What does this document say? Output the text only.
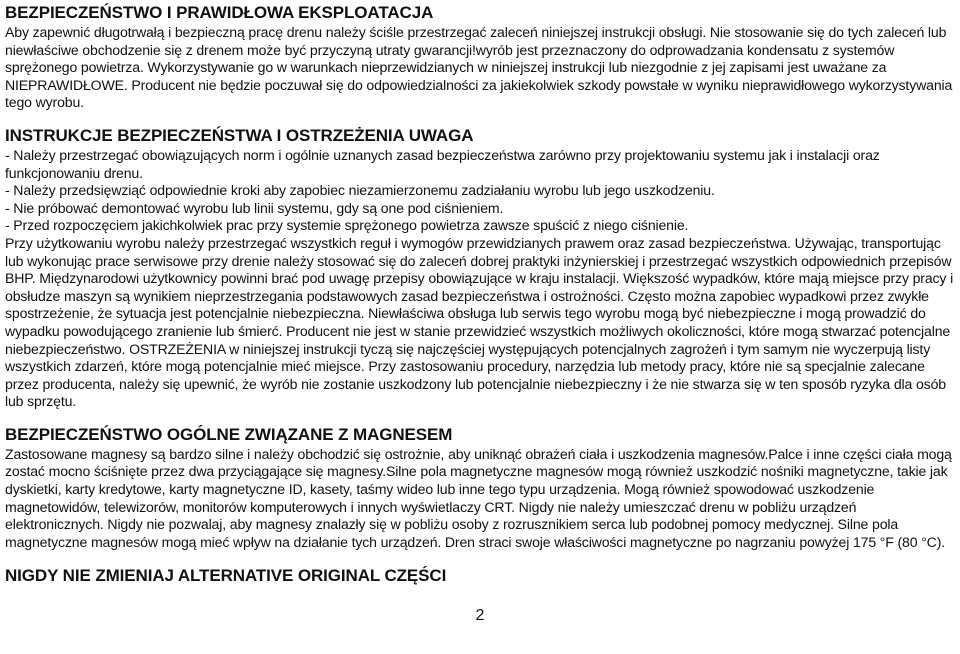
BEZPIECZEŃSTWO I PRAWIDŁOWA EKSPLOATACJA

Aby zapewnić długotrwałą i bezpieczną pracę drenu należy ściśle przestrzegać zaleceń niniejszej instrukcji obsługi. Nie stosowanie się do tych zaleceń lub niewłaściwe obchodzenie się z drenem może być przyczyną utraty gwarancji!wyrób jest przeznaczony do odprowadzania kondensatu z systemów sprężonego powietrza. Wykorzystywanie go w warunkach nieprzewidzianych w niniejszej instrukcji lub niezgodnie z jej zapisami jest uważane za NIEPRAWIDŁOWE. Producent nie będzie poczuwał się do odpowiedzialności za jakiekolwiek szkody powstałe w wyniku nieprawidłowego wykorzystywania tego wyrobu.

INSTRUKCJE BEZPIECZEŃSTWA I OSTRZEŻENIA UWAGA

- Należy przestrzegać obowiązujących norm i ogólnie uznanych zasad bezpieczeństwa zarówno przy projektowaniu systemu jak i instalacji oraz funkcjonowaniu drenu.

- Należy przedsięwziąć odpowiednie kroki aby zapobiec niezamierzonemu zadziałaniu wyrobu lub jego uszkodzeniu.

- Nie próbować demontować wyrobu lub linii systemu, gdy są one pod ciśnieniem.

- Przed rozpoczęciem jakichkolwiek prac przy systemie sprężonego powietrza zawsze spuścić z niego ciśnienie.

Przy użytkowaniu wyrobu należy przestrzegać wszystkich reguł i wymogów przewidzianych prawem oraz zasad bezpieczeństwa. Używając, transportując lub wykonując prace serwisowe przy drenie należy stosować się do zaleceń dobrej praktyki inżynierskiej i przestrzegać wszystkich odpowiednich przepisów BHP. Międzynarodowi użytkownicy powinni brać pod uwagę przepisy obowiązujące w kraju instalacji. Większość wypadków, które mają miejsce przy pracy i obsłudze maszyn są wynikiem nieprzestrzegania podstawowych zasad bezpieczeństwa i ostrożności. Często można zapobiec wypadkowi przez zwykłe spostrzeżenie, że sytuacja jest potencjalnie niebezpieczna. Niewłaściwa obsługa lub serwis tego wyrobu mogą być niebezpieczne i mogą prowadzić do wypadku powodującego zranienie lub śmierć. Producent nie jest w stanie przewidzieć wszystkich możliwych okoliczności, które mogą stwarzać potencjalne niebezpieczeństwo. OSTRZEŻENIA w niniejszej instrukcji tyczą się najczęściej występujących potencjalnych zagrożeń i tym samym nie wyczerpują listy wszystkich zdarzeń, które mogą potencjalnie mieć miejsce. Przy zastosowaniu procedury, narzędzia lub metody pracy, które nie są specjalnie zalecane przez producenta, należy się upewnić, że wyrób nie zostanie uszkodzony lub potencjalnie niebezpieczny i że nie stwarza się w ten sposób ryzyka dla osób lub sprzętu.

BEZPIECZEŃSTWO OGÓLNE ZWIĄZANE Z MAGNESEM

Zastosowane magnesy są bardzo silne i należy obchodzić się ostrożnie, aby uniknąć obrażeń ciała i uszkodzenia magnesów.Palce i inne części ciała mogą zostać mocno ściśnięte przez dwa przyciągające się magnesy.Silne pola magnetyczne magnesów mogą również uszkodzić nośniki magnetyczne, takie jak dyskietki, karty kredytowe, karty magnetyczne ID, kasety, taśmy wideo lub inne tego typu urządzenia. Mogą również spowodować uszkodzenie magnetowidów, telewizorów, monitorów komputerowych i innych wyświetlaczy CRT. Nigdy nie należy umieszczać drenu w pobliżu urządzeń elektronicznych. Nigdy nie pozwalaj, aby magnesy znalazły się w pobliżu osoby z rozrusznikiem serca lub podobnej pomocy medycznej. Silne pola magnetyczne magnesów mogą mieć wpływ na działanie tych urządzeń. Dren straci swoje właściwości magnetyczne po nagrzaniu powyżej 175 °F (80 °C).

NIGDY NIE ZMIENIAJ ALTERNATIVE ORIGINAL CZĘŚCI
2
